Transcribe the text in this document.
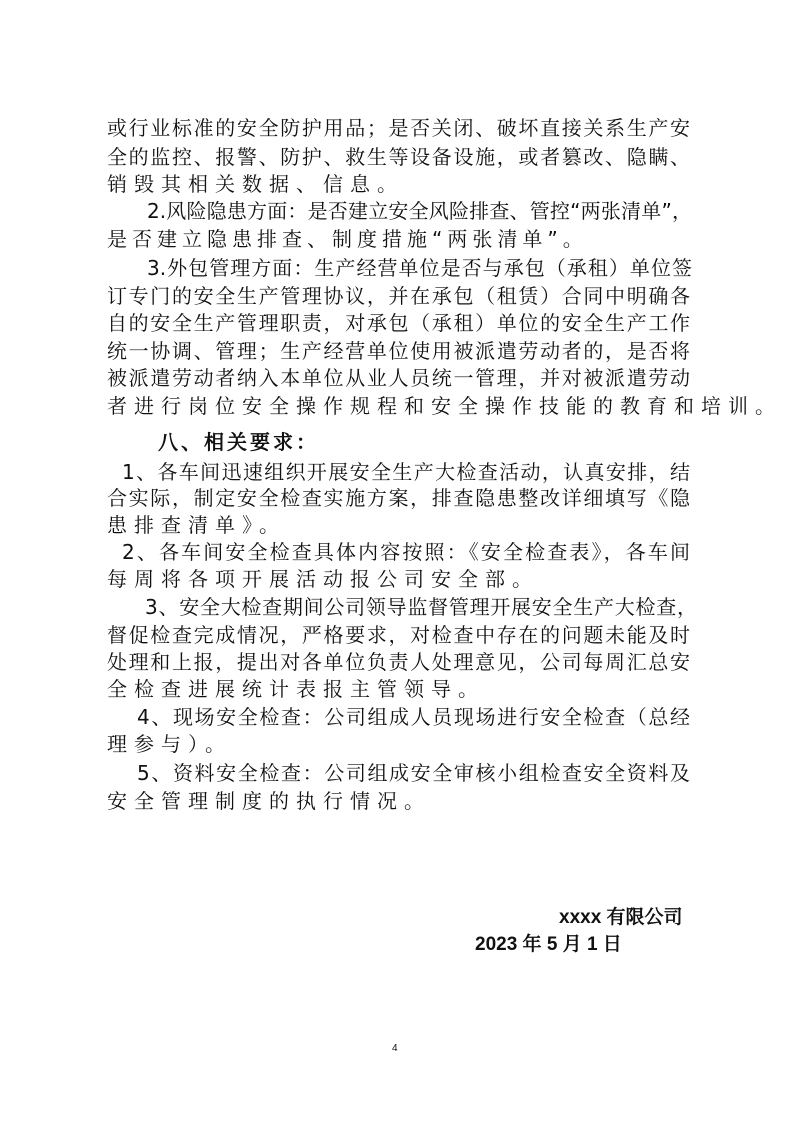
或行业标准的安全防护用品；是否关闭、破坏直接关系生产安
全的监控、报警、防护、救生等设备设施，或者篡改、隐瞒、
销毁其相关数据、信息。
2.风险隐患方面：是否建立安全风险排查、管控“两张清单”，
是否建立隐患排查、制度措施“两张清单”。
3.外包管理方面：生产经营单位是否与承包（承租）单位签
订专门的安全生产管理协议，并在承包（租赁）合同中明确各
自的安全生产管理职责，对承包（承租）单位的安全生产工作
统一协调、管理；生产经营单位使用被派遣劳动者的，是否将
被派遣劳动者纳入本单位从业人员统一管理，并对被派遣劳动
者进行岗位安全操作规程和安全操作技能的教育和培训。
八、相关要求：
1、各车间迅速组织开展安全生产大检查活动，认真安排，结
合实际，制定安全检查实施方案，排查隐患整改详细填写《隐
患排查清单》。
2、各车间安全检查具体内容按照：《安全检查表》，各车间
每周将各项开展活动报公司安全部。
3、安全大检查期间公司领导监督管理开展安全生产大检查，
督促检查完成情况，严格要求，对检查中存在的问题未能及时
处理和上报，提出对各单位负责人处理意见，公司每周汇总安
全检查进展统计表报主管领导。
4、现场安全检查：公司组成人员现场进行安全检查（总经
理参与）。
5、资料安全检查：公司组成安全审核小组检查安全资料及
安全管理制度的执行情况。
xxxx 有限公司
2023 年 5 月 1 日
4
